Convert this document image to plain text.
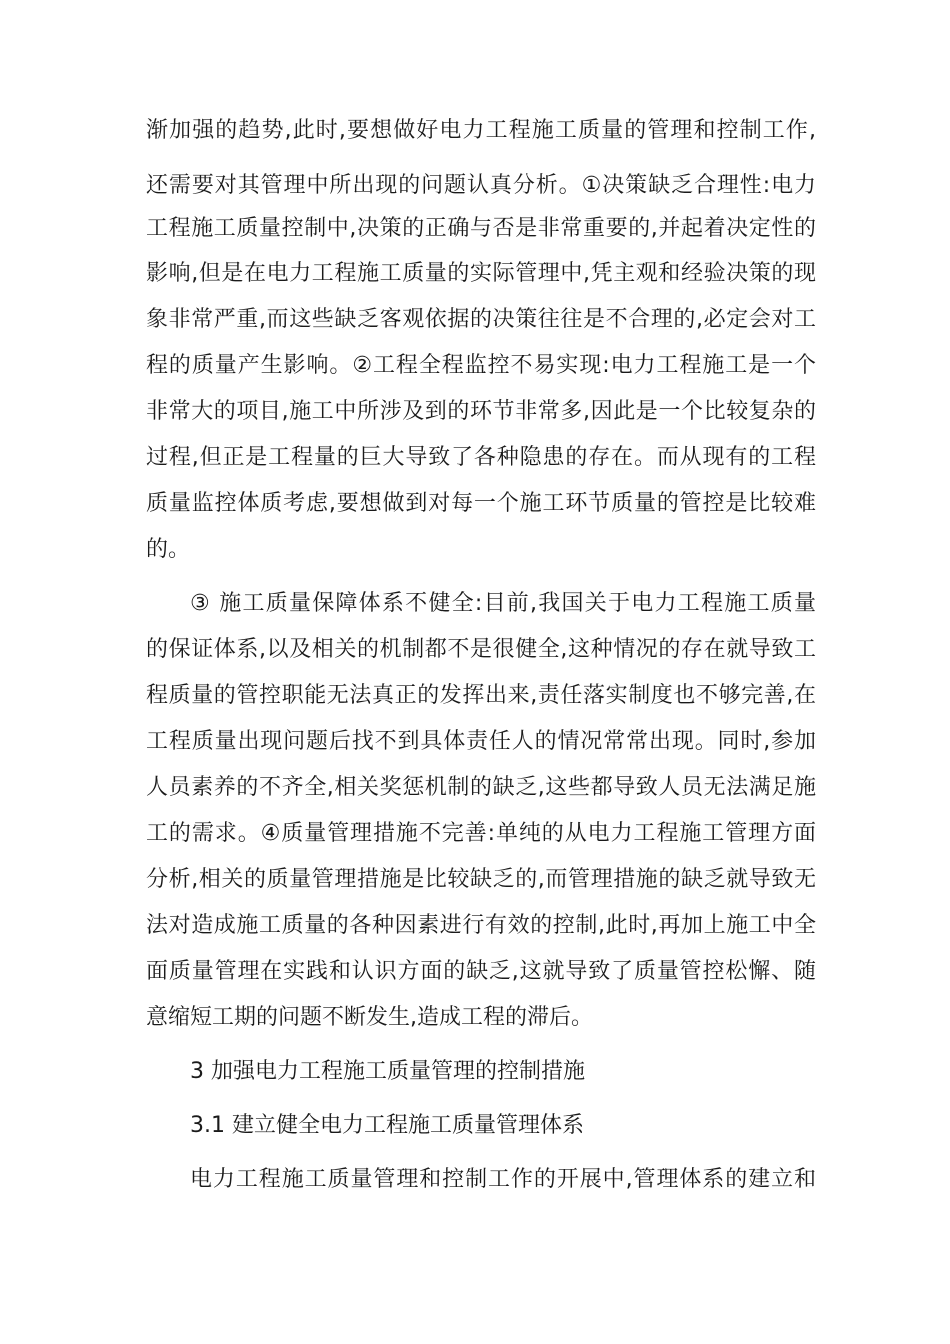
渐加强的趋势,此时,要想做好电力工程施工质量的管理和控制工作,
还需要对其管理中所出现的问题认真分析。①决策缺乏合理性:电力
工程施工质量控制中,决策的正确与否是非常重要的,并起着决定性的
影响,但是在电力工程施工质量的实际管理中,凭主观和经验决策的现
象非常严重,而这些缺乏客观依据的决策往往是不合理的,必定会对工
程的质量产生影响。②工程全程监控不易实现:电力工程施工是一个
非常大的项目,施工中所涉及到的环节非常多,因此是一个比较复杂的
过程,但正是工程量的巨大导致了各种隐患的存在。而从现有的工程
质量监控体质考虑,要想做到对每一个施工环节质量的管控是比较难
的。
③ 施工质量保障体系不健全:目前,我国关于电力工程施工质量
的保证体系,以及相关的机制都不是很健全,这种情况的存在就导致工
程质量的管控职能无法真正的发挥出来,责任落实制度也不够完善,在
工程质量出现问题后找不到具体责任人的情况常常出现。同时,参加
人员素养的不齐全,相关奖惩机制的缺乏,这些都导致人员无法满足施
工的需求。④质量管理措施不完善:单纯的从电力工程施工管理方面
分析,相关的质量管理措施是比较缺乏的,而管理措施的缺乏就导致无
法对造成施工质量的各种因素进行有效的控制,此时,再加上施工中全
面质量管理在实践和认识方面的缺乏,这就导致了质量管控松懈、随
意缩短工期的问题不断发生,造成工程的滞后。
3 加强电力工程施工质量管理的控制措施
3.1 建立健全电力工程施工质量管理体系
电力工程施工质量管理和控制工作的开展中,管理体系的建立和
